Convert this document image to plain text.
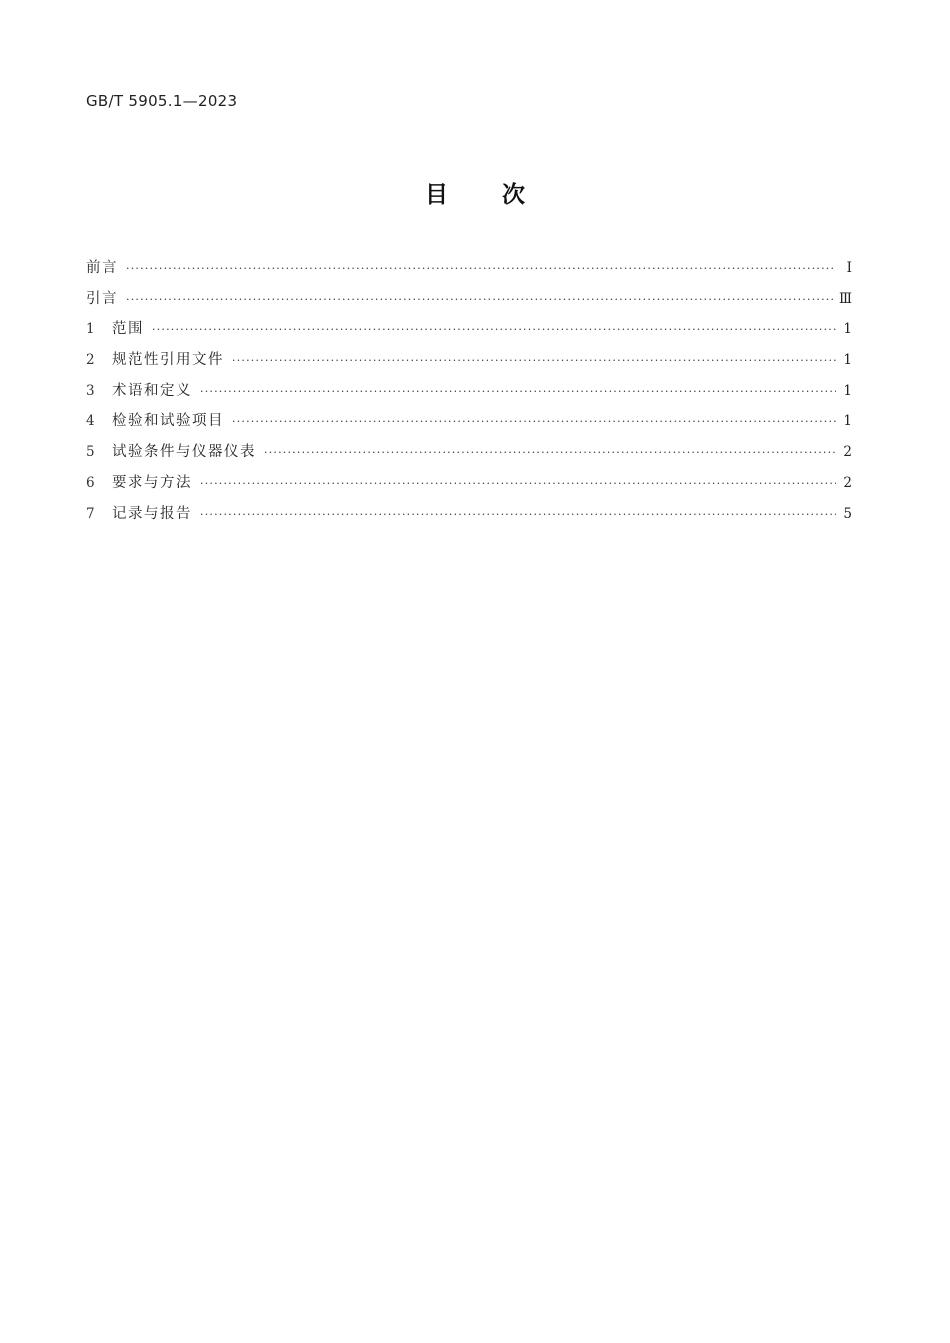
GB/T 5905.1—2023
目 次
前言 ·····	Ⅰ
引言 ·····	Ⅲ
1	范围 ·····	1
2	规范性引用文件 ·····	1
3	术语和定义 ·····	1
4	检验和试验项目 ·····	1
5	试验条件与仪器仪表 ·····	2
6	要求与方法 ·····	2
7	记录与报告 ·····	5
